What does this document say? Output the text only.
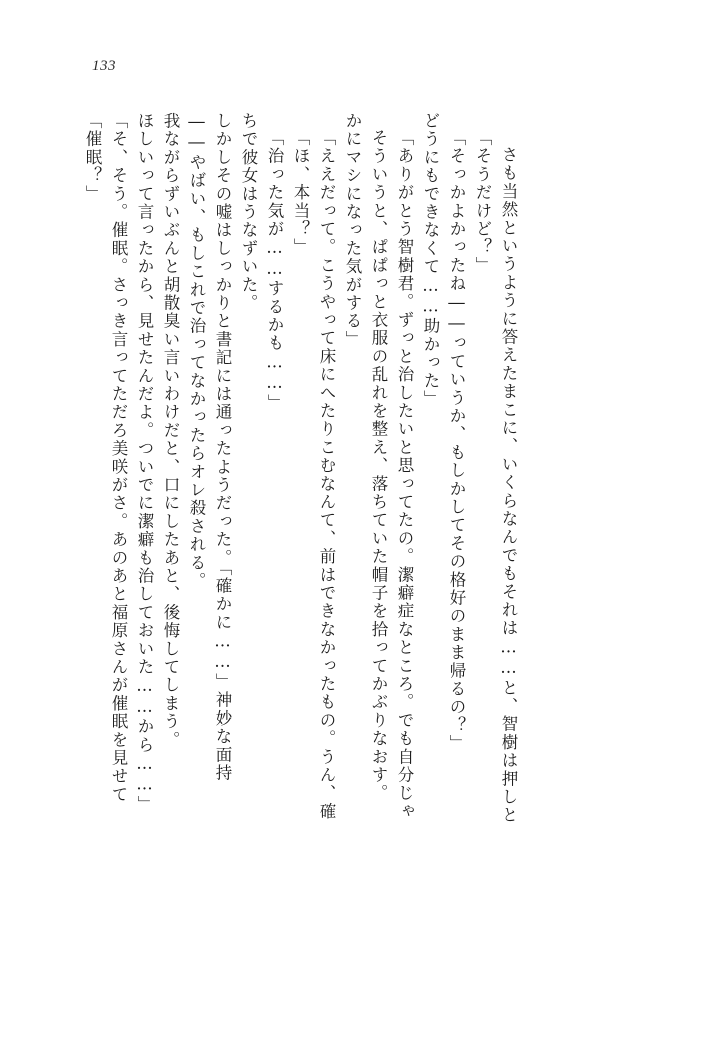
133
「催眠？」 「そ、そう。催眠。さっき言ってただろ美咲がさ。あのあと福原さんが催眠を見せて ほしいって言ったから、見せたんだよ。ついでに潔癖も治しておいた……から……」 我ながらずいぶんと胡散臭い言いわけだと、口にしたあと、後悔してしまう。 ――やばい、もしこれで治ってなかったらオレ殺される。 しかしその嘘はしっかりと書記には通ったようだった。「確かに……」神妙な面持 ちで彼女はうなずいた。 「治った気が……するかも……」 「ほ、本当？」 「ええだって。こうやって床にへたりこむなんて、前はできなかったもの。うん、確 かにマシになった気がする」 そういうと、ぱぱっと衣服の乱れを整え、落ちていた帽子を拾ってかぶりなおす。 「ありがとう智樹君。ずっと治したいと思ってたの。潔癖症なところ。でも自分じゃ どうにもできなくて……助かった」 「そっかよかったね――っていうか、もしかしてその格好のまま帰るの？」 「そうだけど？」 さも当然というように答えたまこに、いくらなんでもそれは……と、智樹は押しと
